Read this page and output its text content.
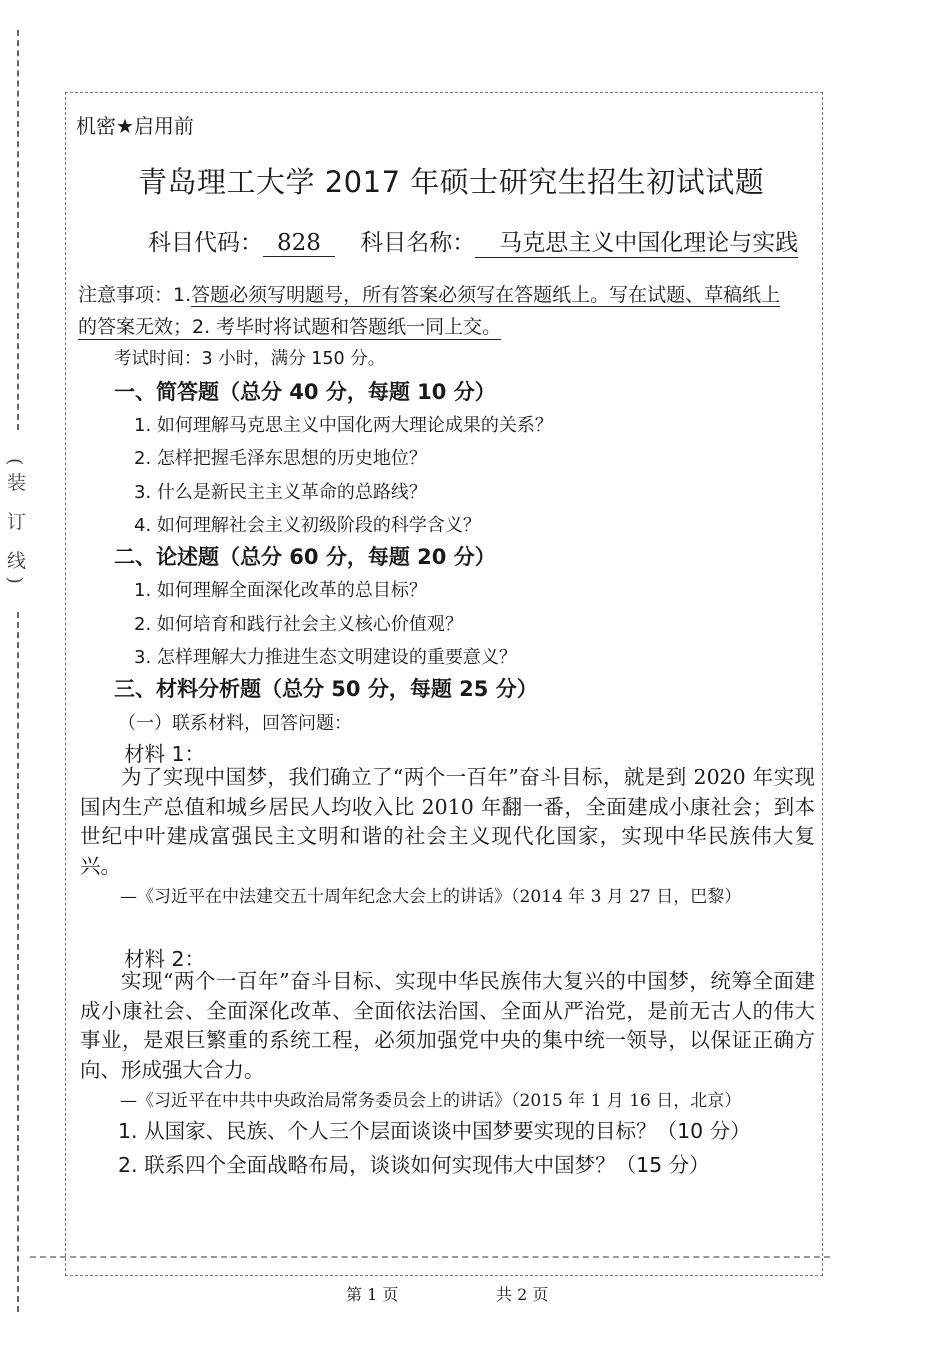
(装 订 线)
机密★启用前
青岛理工大学 2017 年硕士研究生招生初试试题
科目代码： 828 科目名称： 马克思主义中国化理论与实践
注意事项：1.答题必须写明题号，所有答案必须写在答题纸上。写在试题、草稿纸上
的答案无效；2. 考毕时将试题和答题纸一同上交。
考试时间：3 小时，满分 150 分。
一、简答题（总分 40 分，每题 10 分）
1. 如何理解马克思主义中国化两大理论成果的关系？
2. 怎样把握毛泽东思想的历史地位？
3. 什么是新民主主义革命的总路线？
4. 如何理解社会主义初级阶段的科学含义？
二、论述题（总分 60 分，每题 20 分）
1. 如何理解全面深化改革的总目标？
2. 如何培育和践行社会主义核心价值观？
3. 怎样理解大力推进生态文明建设的重要意义？
三、材料分析题（总分 50 分，每题 25 分）
（一）联系材料，回答问题：
材料 1：
为了实现中国梦，我们确立了“两个一百年”奋斗目标，就是到 2020 年实现国内生产总值和城乡居民人均收入比 2010 年翻一番，全面建成小康社会；到本世纪中叶建成富强民主文明和谐的社会主义现代化国家，实现中华民族伟大复兴。
—《习近平在中法建交五十周年纪念大会上的讲话》（2014 年 3 月 27 日，巴黎）
材料 2：
实现“两个一百年”奋斗目标、实现中华民族伟大复兴的中国梦，统筹全面建成小康社会、全面深化改革、全面依法治国、全面从严治党，是前无古人的伟大事业，是艰巨繁重的系统工程，必须加强党中央的集中统一领导，以保证正确方向、形成强大合力。
—《习近平在中共中央政治局常务委员会上的讲话》（2015 年 1 月 16 日，北京）
1. 从国家、民族、个人三个层面谈谈中国梦要实现的目标？（10 分）
2. 联系四个全面战略布局，谈谈如何实现伟大中国梦？（15 分）
第 1 页	共 2 页
